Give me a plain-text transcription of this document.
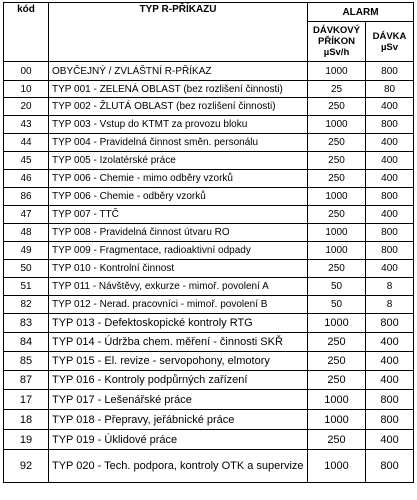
kód	TYP R-PŘÍKAZU	ALARM	
		DÁVKOVÝ PŘÍKON µSv/h	DÁVKA µSv
00	OBYČEJNÝ / ZVLÁŠTNÍ R-PŘÍKAZ	1000	800
10	TYP 001 - ZELENÁ OBLAST (bez rozlišení činnosti)	25	80
20	TYP 002 - ŽLUTÁ OBLAST (bez rozlišení činnosti)	250	400
43	TYP 003 - Vstup do KTMT za provozu bloku	1000	800
44	TYP 004 - Pravidelná činnost směn. personálu	250	400
45	TYP 005 - Izolatérské práce	250	400
46	TYP 006 - Chemie - mimo odběry vzorků	250	400
86	TYP 006 - Chemie - odběry vzorků	1000	800
47	TYP 007 - TTČ	250	400
48	TYP 008 - Pravidelná činnost útvaru RO	1000	800
49	TYP 009 - Fragmentace, radioaktivní odpady	1000	800
50	TYP 010 - Kontrolní činnost	250	400
51	TYP 011 - Návštěvy, exkurze - mimoř. povolení A	50	8
82	TYP 012 - Nerad. pracovníci - mimoř. povolení B	50	8
83	TYP 013 - Defektoskopické kontroly RTG	1000	800
84	TYP 014 - Údržba chem. měření - činnosti SKŘ	250	400
85	TYP 015 - El. revize - servopohony, elmotory	250	400
87	TYP 016 - Kontroly podpůrných zařízení	250	400
17	TYP 017 - Lešenářské práce	1000	800
18	TYP 018 - Přepravy, jeřábnické práce	1000	800
19	TYP 019 - Úklidové práce	250	400
92	TYP 020 - Tech. podpora, kontroly OTK a supervize	1000	800
